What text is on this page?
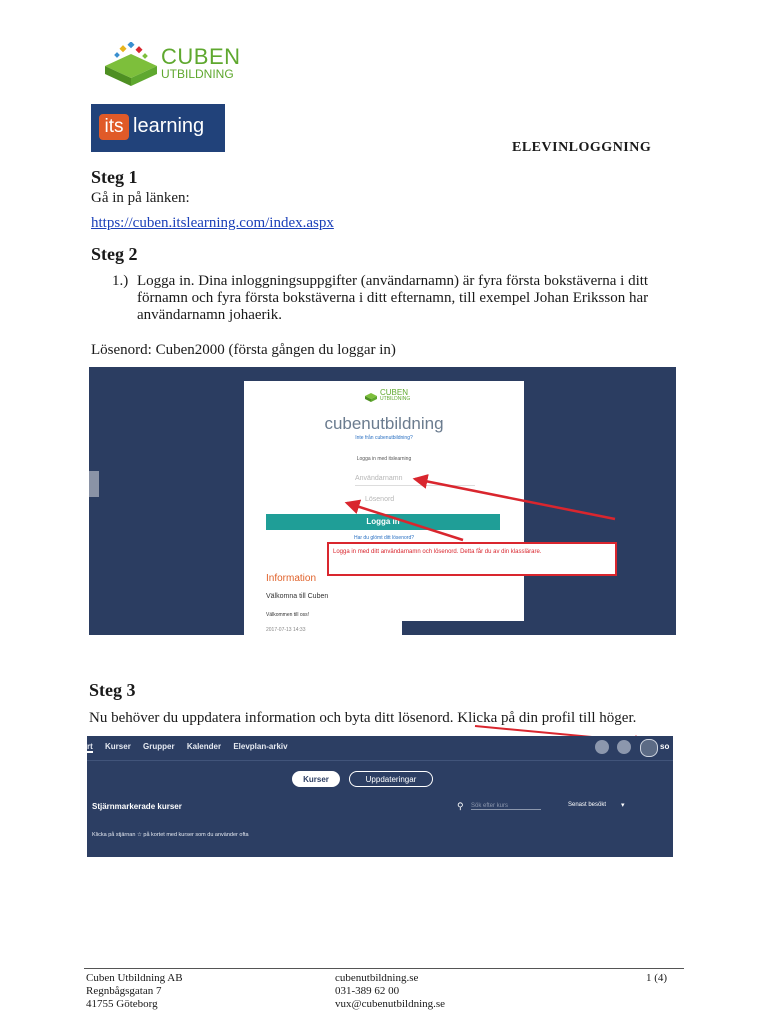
CUBEN
UTBILDNING
its learning
ELEVINLOGGNING
Steg 1
Gå in på länken:
https://cuben.itslearning.com/index.aspx
Steg 2
1.) Logga in. Dina inloggningsuppgifter (användarnamn) är fyra första bokstäverna i ditt förnamn och fyra första bokstäverna i ditt efternamn, till exempel Johan Eriksson har användarnamn johaerik.
Lösenord: Cuben2000 (första gången du loggar in)
CUBEN
UTBILDNING
cubenutbildning
Inte från cubenutbildning?
Logga in med itslearning
Användarnamn
Lösenord
Logga in
Har du glömt ditt lösenord?
Information
Välkomna till Cuben
Välkommen till oss!
2017-07-13 14:33
Logga in med ditt användarnamn och lösenord. Detta får du av din klasslärare.
Steg 3
Nu behöver du uppdatera information och byta ditt lösenord. Klicka på din profil till höger.
rt Kurser Grupper Kalender Elevplan-arkiv	so
Kurser	Uppdateringar
Stjärnmarkerade kurser	⚲ Sök efter kurs	Senast besökt ▾
Klicka på stjärnan ☆ på kortet med kurser som du använder ofta
Cuben Utbildning AB
Regnbågsgatan 7
41755 Göteborg
cubenutbildning.se
031-389 62 00
vux@cubenutbildning.se
1 (4)
